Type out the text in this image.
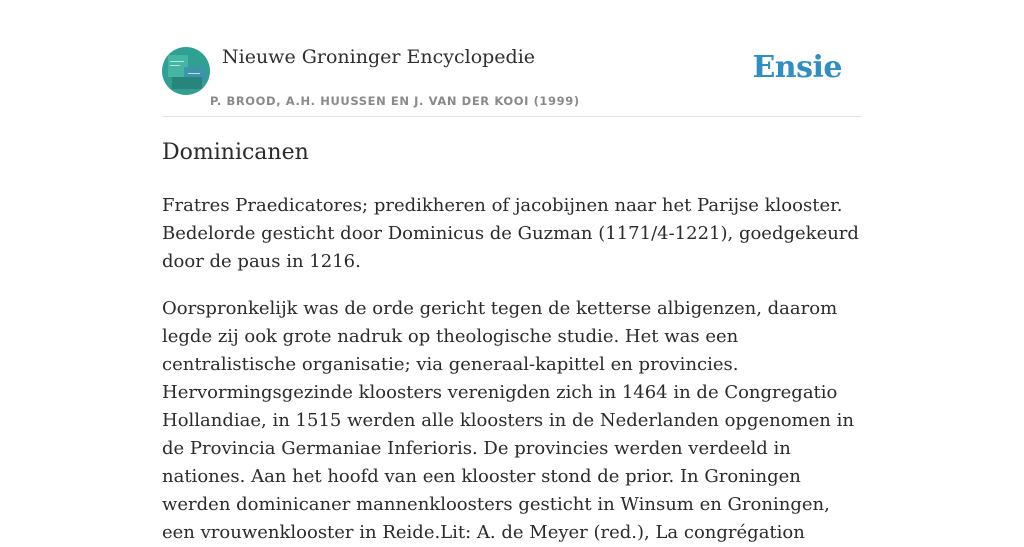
Nieuwe Groninger Encyclopedie
P. BROOD, A.H. HUUSSEN EN J. VAN DER KOOI (1999)
Ensie
Dominicanen

Fratres Praedicatores; predikheren of jacobijnen naar het Parijse klooster. Bedelorde gesticht door Dominicus de Guzman (1171/4-1221), goedgekeurd door de paus in 1216.

Oorspronkelijk was de orde gericht tegen de ketterse albigenzen, daarom legde zij ook grote nadruk op theologische studie. Het was een centralistische organisatie; via generaal-kapittel en provincies. Hervormingsgezinde kloosters verenigden zich in 1464 in de Congregatio Hollandiae, in 1515 werden alle kloosters in de Nederlanden opgenomen in de Provincia Germaniae Inferioris. De provincies werden verdeeld in nationes. Aan het hoofd van een klooster stond de prior. In Groningen werden dominicaner mannenkloosters gesticht in Winsum en Groningen, een vrouwenklooster in Reide.Lit: A. de Meyer (red.), La congrégation
